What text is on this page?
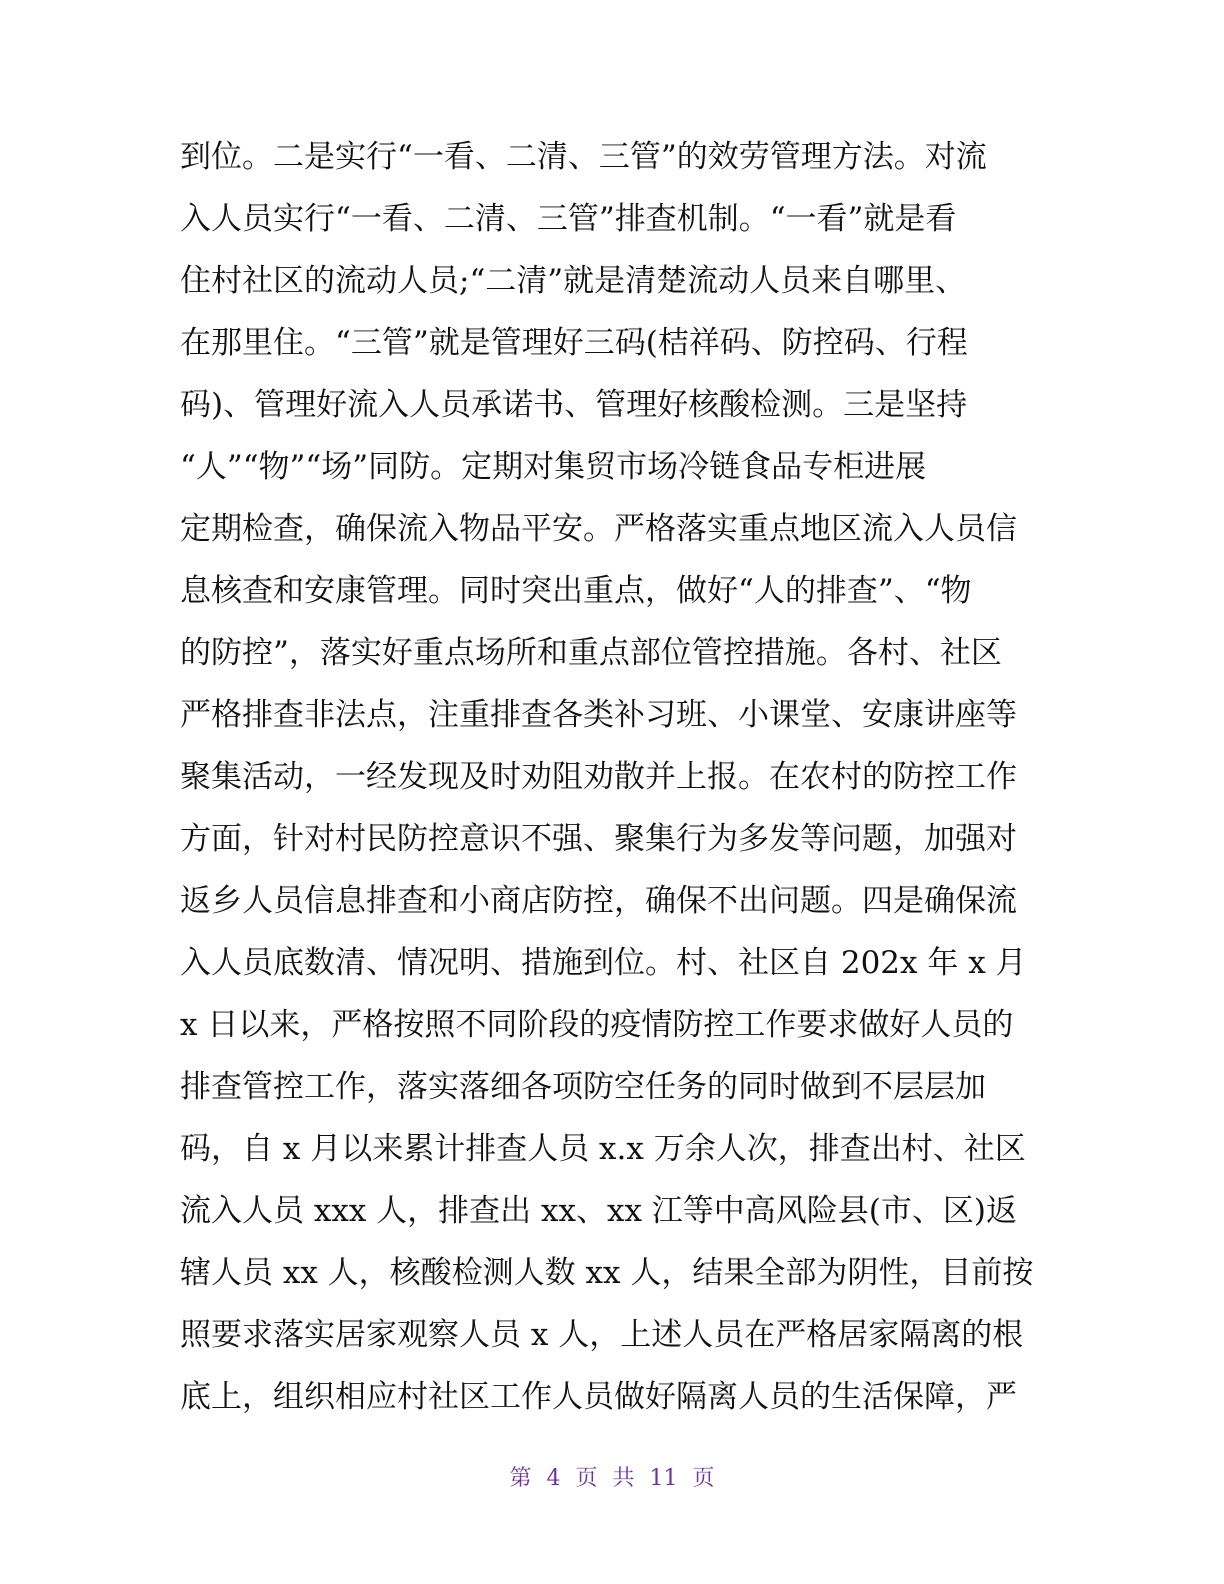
到位。二是实行“一看、二清、三管”的效劳管理方法。对流
入人员实行“一看、二清、三管”排查机制。“一看”就是看
住村社区的流动人员;“二清”就是清楚流动人员来自哪里、
在那里住。“三管”就是管理好三码(桔祥码、防控码、行程
码)、管理好流入人员承诺书、管理好核酸检测。三是坚持
“人”“物”“场”同防。定期对集贸市场冷链食品专柜进展
定期检查，确保流入物品平安。严格落实重点地区流入人员信
息核查和安康管理。同时突出重点，做好“人的排查”、“物
的防控”，落实好重点场所和重点部位管控措施。各村、社区
严格排查非法点，注重排查各类补习班、小课堂、安康讲座等
聚集活动，一经发现及时劝阻劝散并上报。在农村的防控工作
方面，针对村民防控意识不强、聚集行为多发等问题，加强对
返乡人员信息排查和小商店防控，确保不出问题。四是确保流
入人员底数清、情况明、措施到位。村、社区自 202x 年 x 月
x 日以来，严格按照不同阶段的疫情防控工作要求做好人员的
排查管控工作，落实落细各项防空任务的同时做到不层层加
码，自 x 月以来累计排查人员 x.x 万余人次，排查出村、社区
流入人员 xxx 人，排查出 xx、xx 江等中高风险县(市、区)返
辖人员 xx 人，核酸检测人数 xx 人，结果全部为阴性，目前按
照要求落实居家观察人员 x 人，上述人员在严格居家隔离的根
底上，组织相应村社区工作人员做好隔离人员的生活保障，严
第 4 页 共 11 页
